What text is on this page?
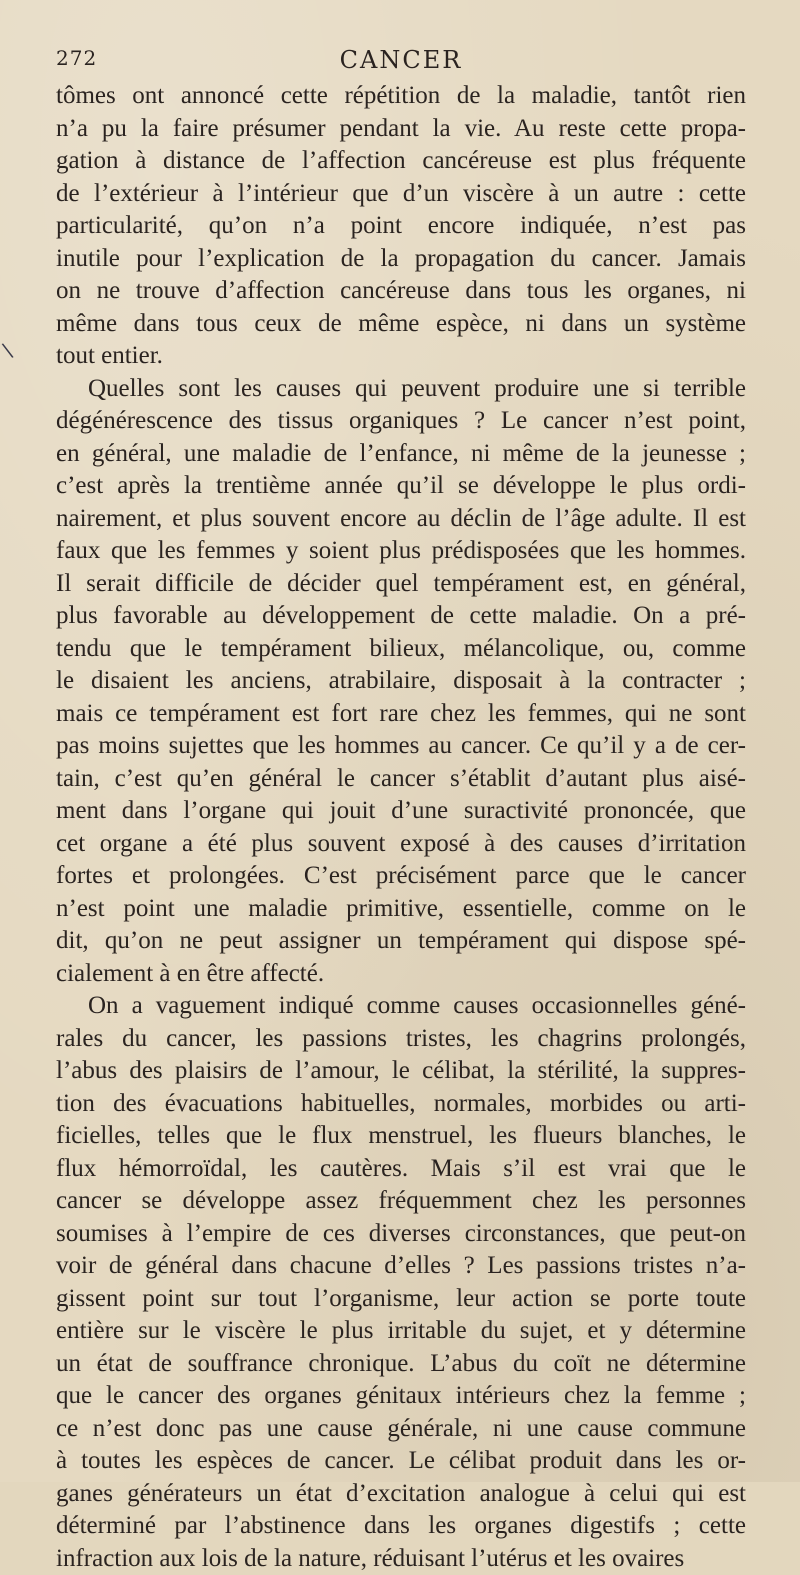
272	CANCER
\
tômes ont annoncé cette répétition de la maladie, tantôt rien
n’a pu la faire présumer pendant la vie. Au reste cette propa-
gation à distance de l’affection cancéreuse est plus fréquente
de l’extérieur à l’intérieur que d’un viscère à un autre : cette
particularité, qu’on n’a point encore indiquée, n’est pas
inutile pour l’explication de la propagation du cancer. Jamais
on ne trouve d’affection cancéreuse dans tous les organes, ni
même dans tous ceux de même espèce, ni dans un système
tout entier.
Quelles sont les causes qui peuvent produire une si terrible
dégénérescence des tissus organiques ? Le cancer n’est point,
en général, une maladie de l’enfance, ni même de la jeunesse ;
c’est après la trentième année qu’il se développe le plus ordi-
nairement, et plus souvent encore au déclin de l’âge adulte. Il est
faux que les femmes y soient plus prédisposées que les hommes.
Il serait difficile de décider quel tempérament est, en général,
plus favorable au développement de cette maladie. On a pré-
tendu que le tempérament bilieux, mélancolique, ou, comme
le disaient les anciens, atrabilaire, disposait à la contracter ;
mais ce tempérament est fort rare chez les femmes, qui ne sont
pas moins sujettes que les hommes au cancer. Ce qu’il y a de cer-
tain, c’est qu’en général le cancer s’établit d’autant plus aisé-
ment dans l’organe qui jouit d’une suractivité prononcée, que
cet organe a été plus souvent exposé à des causes d’irritation
fortes et prolongées. C’est précisément parce que le cancer
n’est point une maladie primitive, essentielle, comme on le
dit, qu’on ne peut assigner un tempérament qui dispose spé-
cialement à en être affecté.
On a vaguement indiqué comme causes occasionnelles géné-
rales du cancer, les passions tristes, les chagrins prolongés,
l’abus des plaisirs de l’amour, le célibat, la stérilité, la suppres-
tion des évacuations habituelles, normales, morbides ou arti-
ficielles, telles que le flux menstruel, les flueurs blanches, le
flux hémorroïdal, les cautères. Mais s’il est vrai que le
cancer se développe assez fréquemment chez les personnes
soumises à l’empire de ces diverses circonstances, que peut-on
voir de général dans chacune d’elles ? Les passions tristes n’a-
gissent point sur tout l’organisme, leur action se porte toute
entière sur le viscère le plus irritable du sujet, et y détermine
un état de souffrance chronique. L’abus du coït ne détermine
que le cancer des organes génitaux intérieurs chez la femme ;
ce n’est donc pas une cause générale, ni une cause commune
à toutes les espèces de cancer. Le célibat produit dans les or-
ganes générateurs un état d’excitation analogue à celui qui est
déterminé par l’abstinence dans les organes digestifs ; cette
infraction aux lois de la nature, réduisant l’utérus et les ovaires
